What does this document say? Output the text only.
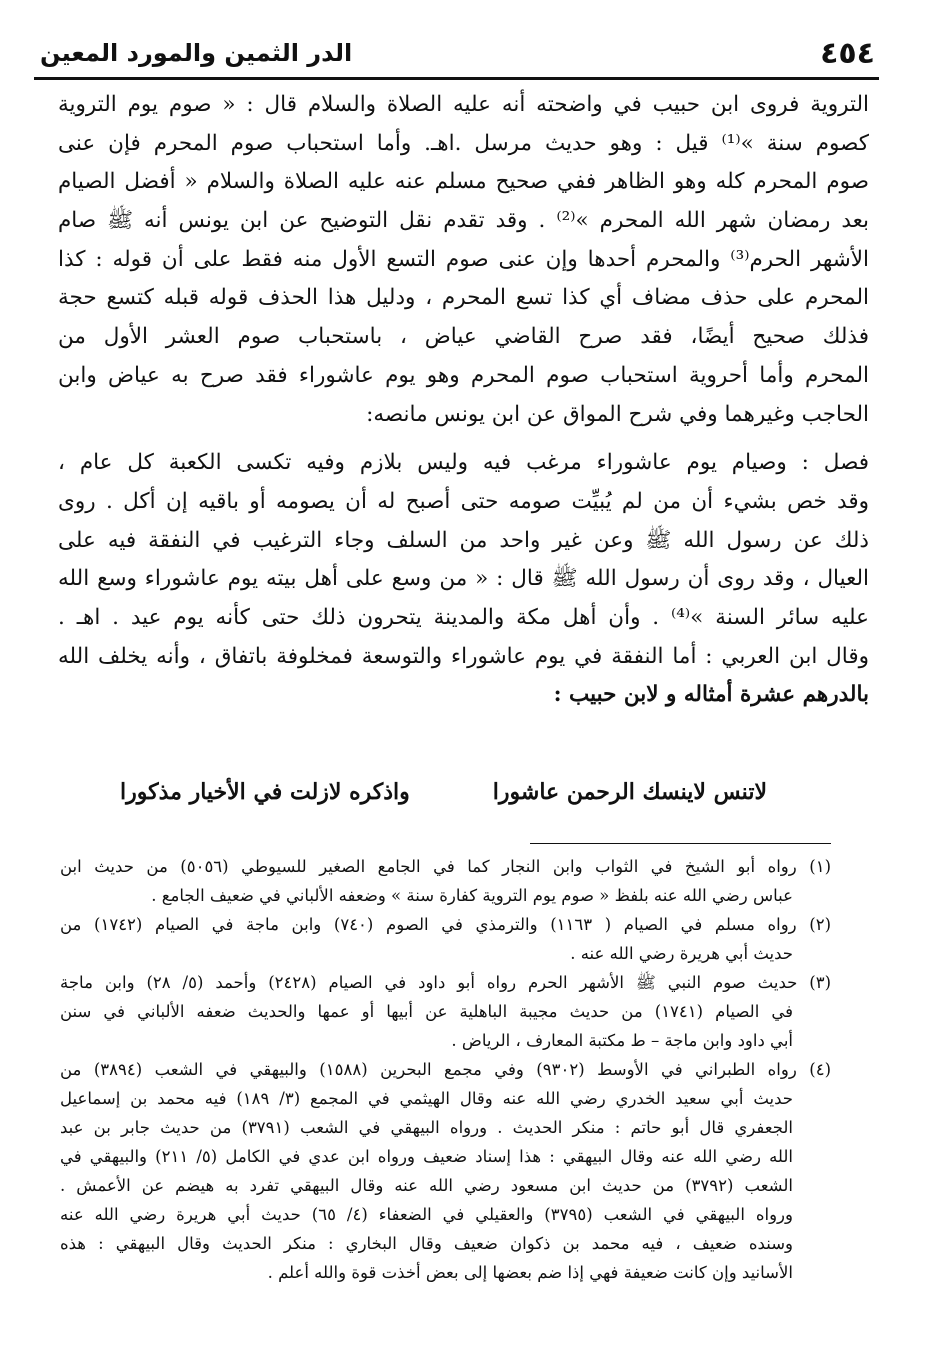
الدر الثمين والمورد المعين	٤٥٤
التروية فروى ابن حبيب في واضحته أنه عليه الصلاة والسلام قال : « صوم يوم التروية
كصوم سنة »⁽¹⁾ قيل : وهو حديث مرسل .اهـ. وأما استحباب صوم المحرم فإن عنى
صوم المحرم كله وهو الظاهر ففي صحيح مسلم عنه عليه الصلاة والسلام « أفضل الصيام
بعد رمضان شهر الله المحرم »⁽²⁾ . وقد تقدم نقل التوضيح عن ابن يونس أنه ﷺ صام
الأشهر الحرم⁽³⁾ والمحرم أحدها وإن عنى صوم التسع الأول منه فقط على أن قوله : كذا
المحرم على حذف مضاف أي كذا تسع المحرم ، ودليل هذا الحذف قوله قبله كتسع حجة
فذلك صحيح أيضًا، فقد صرح القاضي عياض ، باستحباب صوم العشر الأول من
المحرم وأما أحروية استحباب صوم المحرم وهو يوم عاشوراء فقد صرح به عياض وابن
الحاجب وغيرهما وفي شرح المواق عن ابن يونس مانصه:
فصل : وصيام يوم عاشوراء مرغب فيه وليس بلازم وفيه تكسى الكعبة كل عام ،
وقد خص بشيء أن من لم يُبيِّت صومه حتى أصبح له أن يصومه أو باقيه إن أكل . روى
ذلك عن رسول الله ﷺ وعن غير واحد من السلف وجاء الترغيب في النفقة فيه على
العيال ، وقد روى أن رسول الله ﷺ قال : « من وسع على أهل بيته يوم عاشوراء وسع الله
عليه سائر السنة »⁽⁴⁾ . وأن أهل مكة والمدينة يتحرون ذلك حتى كأنه يوم عيد . اهـ .
وقال ابن العربي : أما النفقة في يوم عاشوراء والتوسعة فمخلوفة باتفاق ، وأنه يخلف الله
بالدرهم عشرة أمثاله و لابن حبيب :
لاتنس لاينسك الرحمن عاشورا
واذكره لازلت في الأخيار مذكورا
(١) رواه أبو الشيخ في الثواب وابن النجار كما في الجامع الصغير للسيوطي (٥٠٥٦) من حديث ابن
عباس رضي الله عنه بلفظ « صوم يوم التروية كفارة سنة » وضعفه الألباني في ضعيف الجامع .
(٢) رواه مسلم في الصيام ( ١١٦٣) والترمذي في الصوم (٧٤٠) وابن ماجة في الصيام (١٧٤٢) من
حديث أبي هريرة رضي الله عنه .
(٣) حديث صوم النبي ﷺ الأشهر الحرم رواه أبو داود في الصيام (٢٤٢٨) وأحمد (٥/ ٢٨) وابن ماجة
في الصيام (١٧٤١) من حديث مجيبة الباهلية عن أبيها أو عمها والحديث ضعفه الألباني في سنن
أبي داود وابن ماجة – ط مكتبة المعارف ، الرياض .
(٤) رواه الطبراني في الأوسط (٩٣٠٢) وفي مجمع البحرين (١٥٨٨) والبيهقي في الشعب (٣٨٩٤) من
حديث أبي سعيد الخدري رضي الله عنه وقال الهيثمي في المجمع (٣/ ١٨٩) فيه محمد بن إسماعيل
الجعفري قال أبو حاتم : منكر الحديث . ورواه البيهقي في الشعب (٣٧٩١) من حديث جابر بن عبد
الله رضي الله عنه وقال البيهقي : هذا إسناد ضعيف ورواه ابن عدي في الكامل (٥/ ٢١١) والبيهقي في
الشعب (٣٧٩٢) من حديث ابن مسعود رضي الله عنه وقال البيهقي تفرد به هيضم عن الأعمش .
ورواه البيهقي في الشعب (٣٧٩٥) والعقيلي في الضعفاء (٤/ ٦٥) حديث أبي هريرة رضي الله عنه
وسنده ضعيف ، فيه محمد بن ذكوان ضعيف وقال البخاري : منكر الحديث وقال البيهقي : هذه
الأسانيد وإن كانت ضعيفة فهي إذا ضم بعضها إلى بعض أخذت قوة والله أعلم .
